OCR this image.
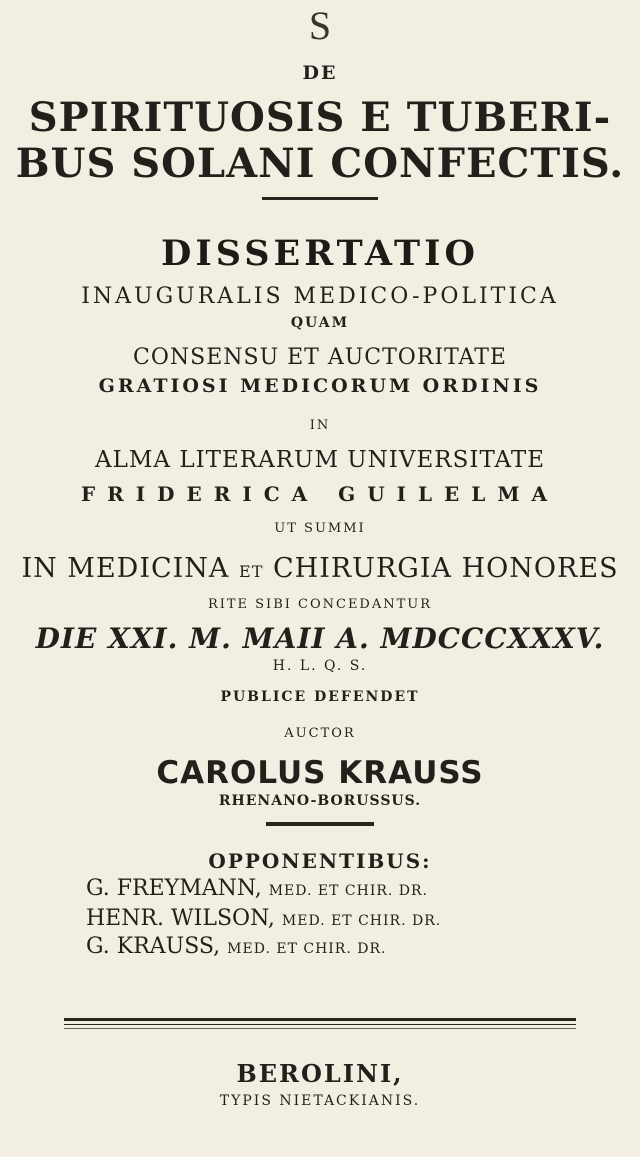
S
DE
SPIRITUOSIS E TUBERI-
BUS SOLANI CONFECTIS.
DISSERTATIO
INAUGURALIS MEDICO-POLITICA
QUAM
CONSENSU ET AUCTORITATE
GRATIOSI MEDICORUM ORDINIS
IN
ALMA LITERARUM UNIVERSITATE
FRIDERICA GUILELMA
UT SUMMI
IN MEDICINA ET CHIRURGIA HONORES
RITE SIBI CONCEDANTUR
DIE XXI. M. MAII A. MDCCCXXXV.
H. L. Q. S.
PUBLICE DEFENDET
AUCTOR
CAROLUS KRAUSS
RHENANO-BORUSSUS.
OPPONENTIBUS:
G. FREYMANN, MED. ET CHIR. DR.
HENR. WILSON, MED. ET CHIR. DR.
G. KRAUSS, MED. ET CHIR. DR.
BEROLINI,
TYPIS NIETACKIANIS.
